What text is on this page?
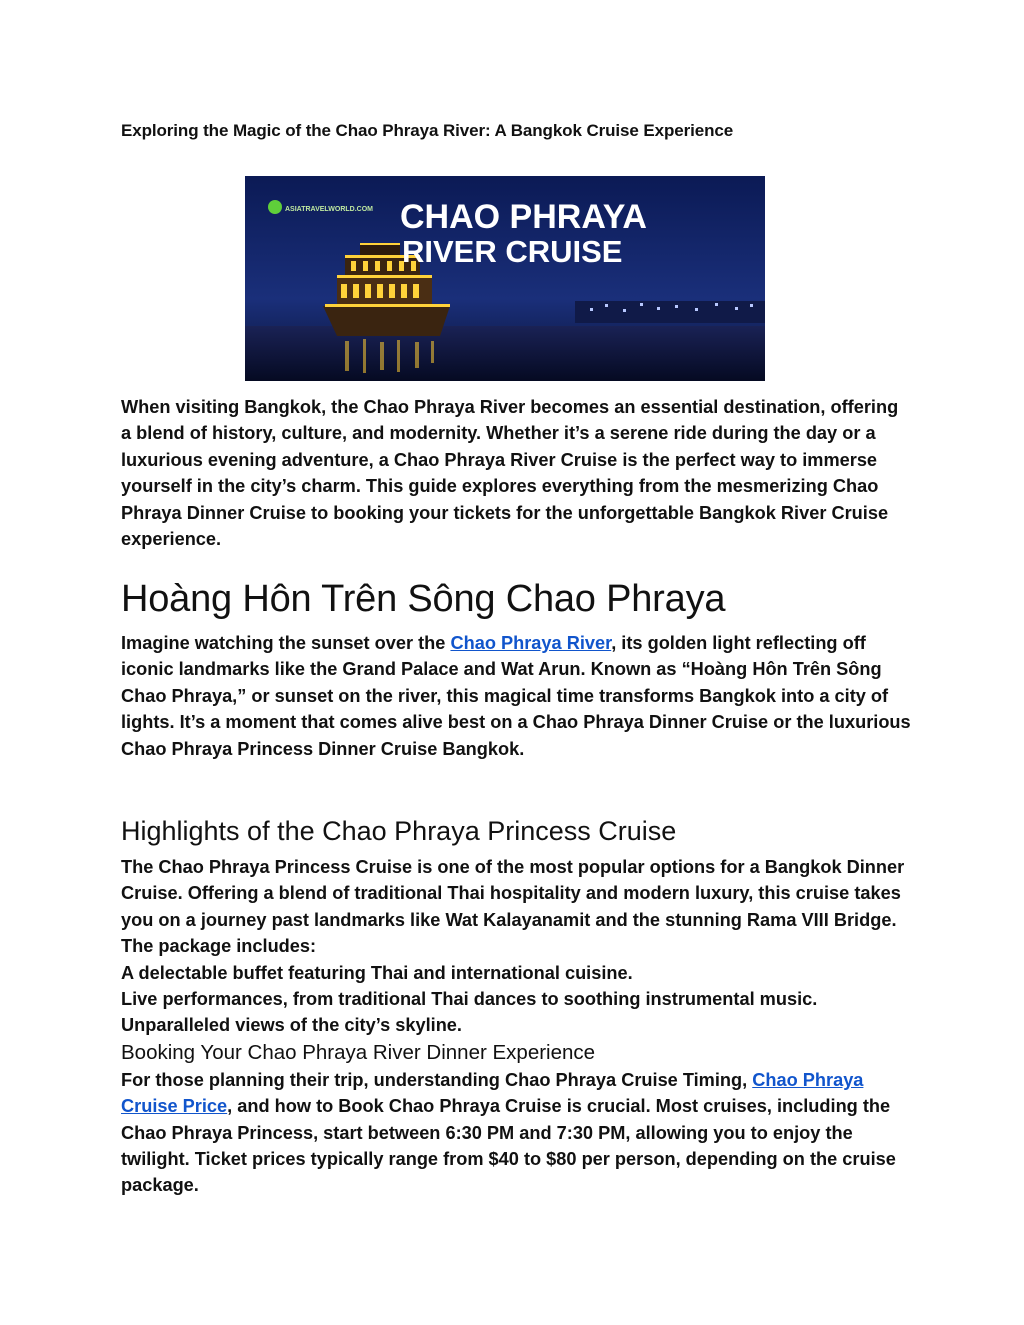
Exploring the Magic of the Chao Phraya River: A Bangkok Cruise Experience
ASIATRAVELWORLD.COM CHAO PHRAYA
RIVER CRUISE

When visiting Bangkok, the Chao Phraya River becomes an essential destination, offering a blend of history, culture, and modernity. Whether it’s a serene ride during the day or a luxurious evening adventure, a Chao Phraya River Cruise is the perfect way to immerse yourself in the city’s charm. This guide explores everything from the mesmerizing Chao Phraya Dinner Cruise to booking your tickets for the unforgettable Bangkok River Cruise experience.

Hoàng Hôn Trên Sông Chao Phraya

Imagine watching the sunset over the Chao Phraya River, its golden light reflecting off iconic landmarks like the Grand Palace and Wat Arun. Known as “Hoàng Hôn Trên Sông Chao Phraya,” or sunset on the river, this magical time transforms Bangkok into a city of lights. It’s a moment that comes alive best on a Chao Phraya Dinner Cruise or the luxurious Chao Phraya Princess Dinner Cruise Bangkok.

Highlights of the Chao Phraya Princess Cruise

The Chao Phraya Princess Cruise is one of the most popular options for a Bangkok Dinner Cruise. Offering a blend of traditional Thai hospitality and modern luxury, this cruise takes you on a journey past landmarks like Wat Kalayanamit and the stunning Rama VIII Bridge. The package includes:

A delectable buffet featuring Thai and international cuisine.

Live performances, from traditional Thai dances to soothing instrumental music.

Unparalleled views of the city’s skyline.

Booking Your Chao Phraya River Dinner Experience

For those planning their trip, understanding Chao Phraya Cruise Timing, Chao Phraya Cruise Price, and how to Book Chao Phraya Cruise is crucial. Most cruises, including the Chao Phraya Princess, start between 6:30 PM and 7:30 PM, allowing you to enjoy the twilight. Ticket prices typically range from $40 to $80 per person, depending on the cruise package.
